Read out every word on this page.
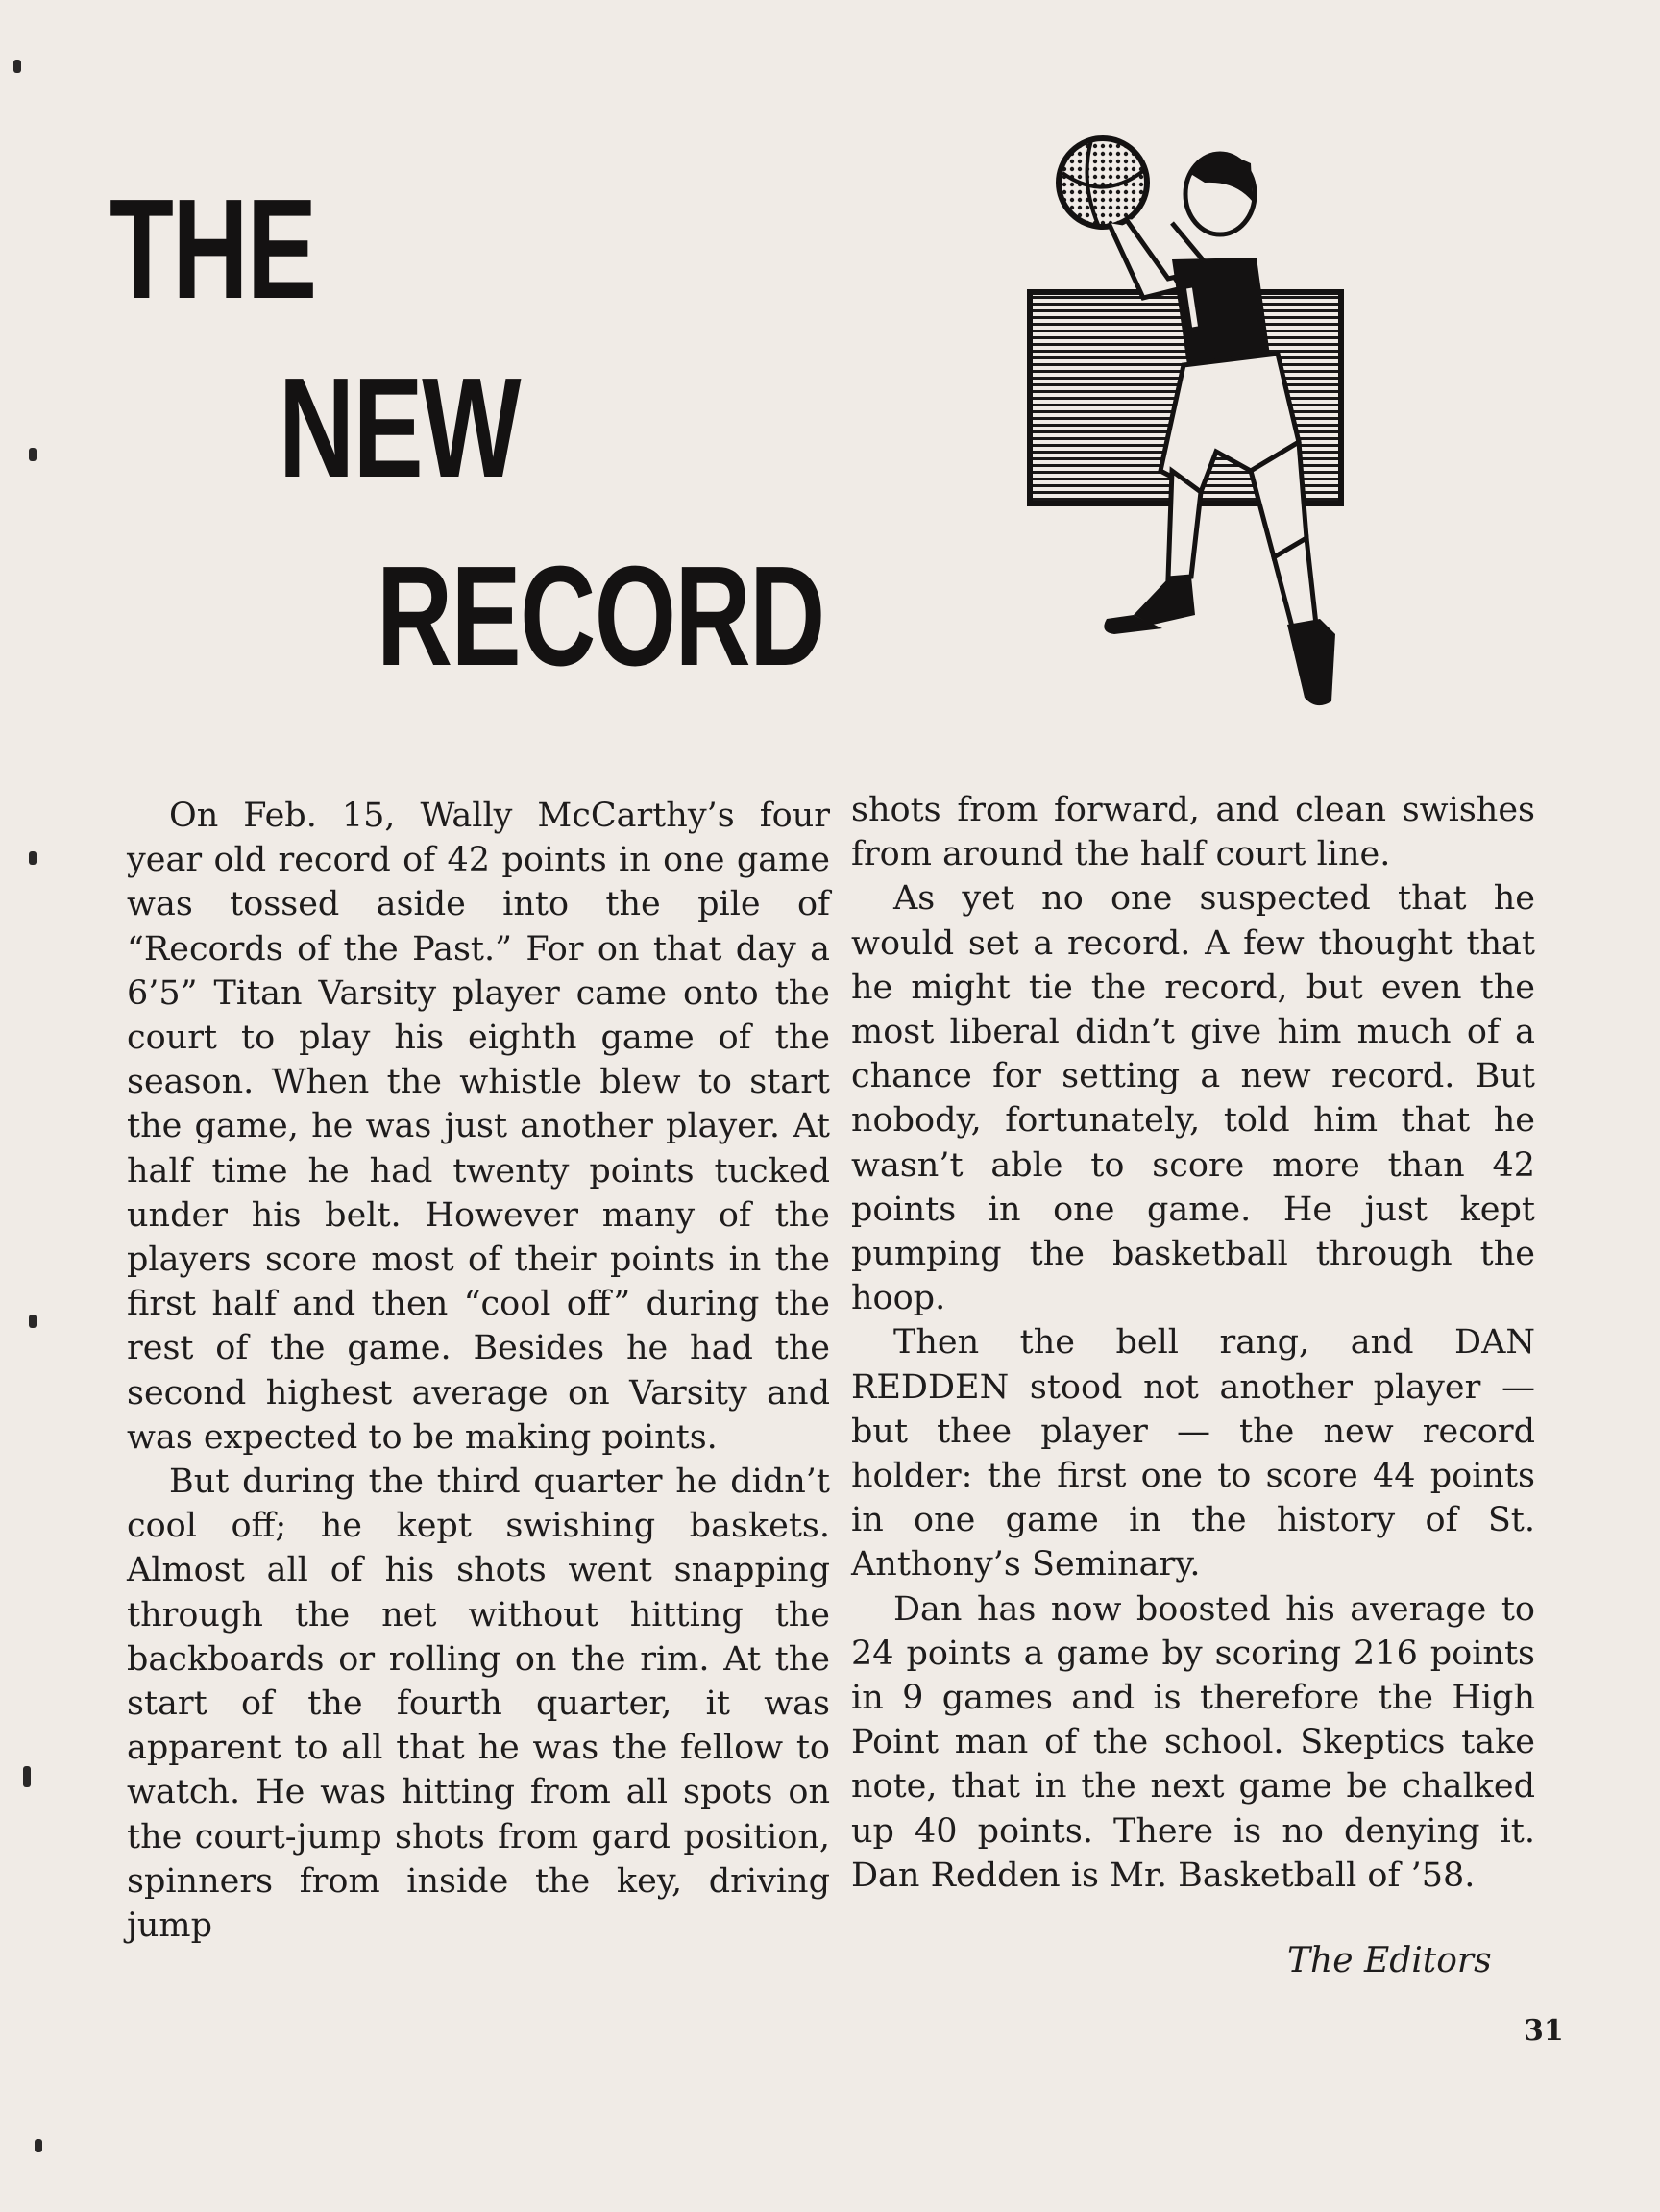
THE
NEW
RECORD

On Feb. 15, Wally McCarthy’s four year old record of 42 points in one game was tossed aside into the pile of “Records of the Past.” For on that day a 6’5” Titan Varsity player came onto the court to play his eighth game of the season. When the whistle blew to start the game, he was just another player. At half time he had twenty points tucked under his belt. However many of the players score most of their points in the first half and then “cool off” during the rest of the game. Besides he had the second highest average on Varsity and was expected to be making points.

But during the third quarter he didn’t cool off; he kept swishing baskets. Almost all of his shots went snapping through the net without hitting the backboards or rolling on the rim. At the start of the fourth quarter, it was apparent to all that he was the fellow to watch. He was hitting from all spots on the court-jump shots from gard position, spinners from inside the key, driving jump

shots from forward, and clean swishes from around the half court line.

As yet no one suspected that he would set a record. A few thought that he might tie the record, but even the most liberal didn’t give him much of a chance for setting a new record. But nobody, fortunately, told him that he wasn’t able to score more than 42 points in one game. He just kept pumping the basketball through the hoop.

Then the bell rang, and DAN REDDEN stood not another player — but thee player — the new record holder: the first one to score 44 points in one game in the history of St. Anthony’s Seminary.

Dan has now boosted his average to 24 points a game by scoring 216 points in 9 games and is therefore the High Point man of the school. Skeptics take note, that in the next game be chalked up 40 points. There is no denying it. Dan Redden is Mr. Basketball of ’58.

The Editors
31
